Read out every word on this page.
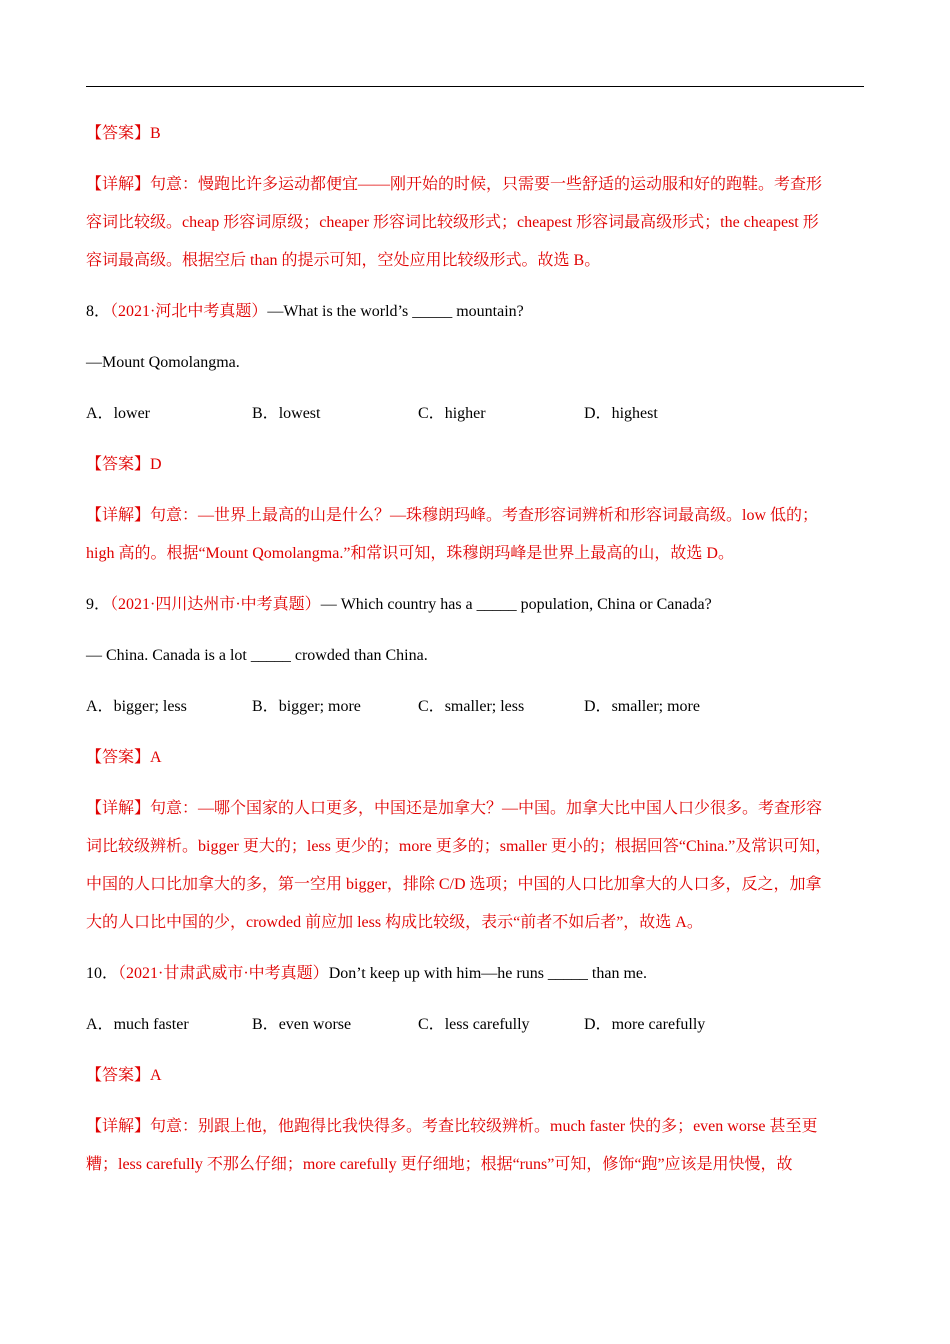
【答案】B
【详解】句意：慢跑比许多运动都便宜——刚开始的时候，只需要一些舒适的运动服和好的跑鞋。考查形
容词比较级。cheap 形容词原级；cheaper 形容词比较级形式；cheapest 形容词最高级形式；the cheapest 形
容词最高级。根据空后 than 的提示可知，空处应用比较级形式。故选 B。
8．（2021·河北中考真题）—What is the world’s _____ mountain?
—Mount Qomolangma.
A．lower	B．lowest	C．higher	D．highest
【答案】D
【详解】句意：—世界上最高的山是什么？—珠穆朗玛峰。考查形容词辨析和形容词最高级。low 低的；
high 高的。根据“Mount Qomolangma.”和常识可知，珠穆朗玛峰是世界上最高的山，故选 D。
9．（2021·四川达州市·中考真题）— Which country has a _____ population, China or Canada?
— China. Canada is a lot _____ crowded than China.
A．bigger; less	B．bigger; more	C．smaller; less	D．smaller; more
【答案】A
【详解】句意：—哪个国家的人口更多，中国还是加拿大？—中国。加拿大比中国人口少很多。考查形容
词比较级辨析。bigger 更大的；less 更少的；more 更多的；smaller 更小的；根据回答“China.”及常识可知，
中国的人口比加拿大的多，第一空用 bigger，排除 C/D 选项；中国的人口比加拿大的人口多，反之，加拿
大的人口比中国的少，crowded 前应加 less 构成比较级，表示“前者不如后者”，故选 A。
10．（2021·甘肃武威市·中考真题）Don’t keep up with him—he runs _____ than me.
A．much faster	B．even worse	C．less carefully	D．more carefully
【答案】A
【详解】句意：别跟上他，他跑得比我快得多。考查比较级辨析。much faster 快的多；even worse 甚至更
糟；less carefully 不那么仔细；more carefully 更仔细地；根据“runs”可知，修饰“跑”应该是用快慢，故
